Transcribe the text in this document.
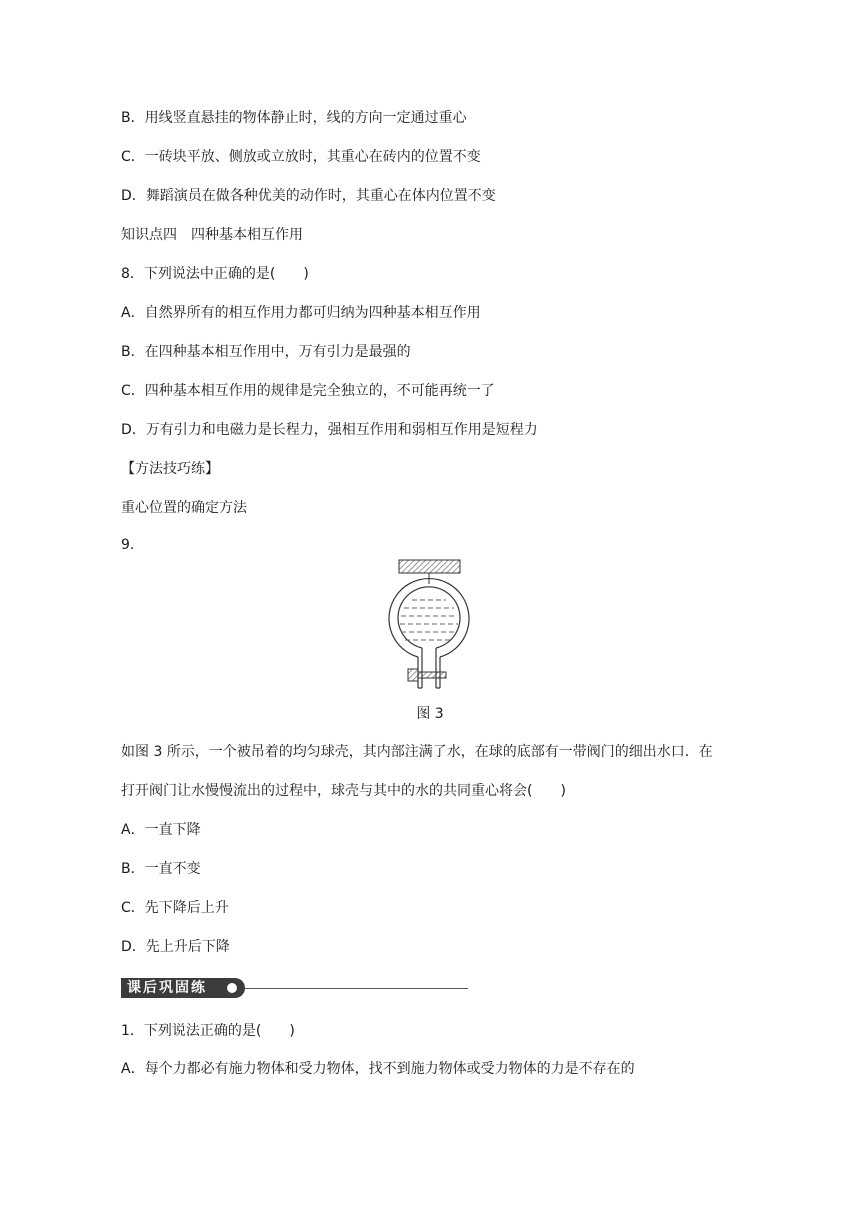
B．用线竖直悬挂的物体静止时，线的方向一定通过重心
C．一砖块平放、侧放或立放时，其重心在砖内的位置不变
D．舞蹈演员在做各种优美的动作时，其重心在体内位置不变
知识点四　四种基本相互作用
8．下列说法中正确的是(　　)
A．自然界所有的相互作用力都可归纳为四种基本相互作用
B．在四种基本相互作用中，万有引力是最强的
C．四种基本相互作用的规律是完全独立的，不可能再统一了
D．万有引力和电磁力是长程力，强相互作用和弱相互作用是短程力
【方法技巧练】
重心位置的确定方法
9.
图 3
如图 3 所示，一个被吊着的均匀球壳，其内部注满了水，在球的底部有一带阀门的细出水口．在
打开阀门让水慢慢流出的过程中，球壳与其中的水的共同重心将会(　　)
A．一直下降
B．一直不变
C．先下降后上升
D．先上升后下降
课后巩固练
1．下列说法正确的是(　　)
A．每个力都必有施力物体和受力物体，找不到施力物体或受力物体的力是不存在的
